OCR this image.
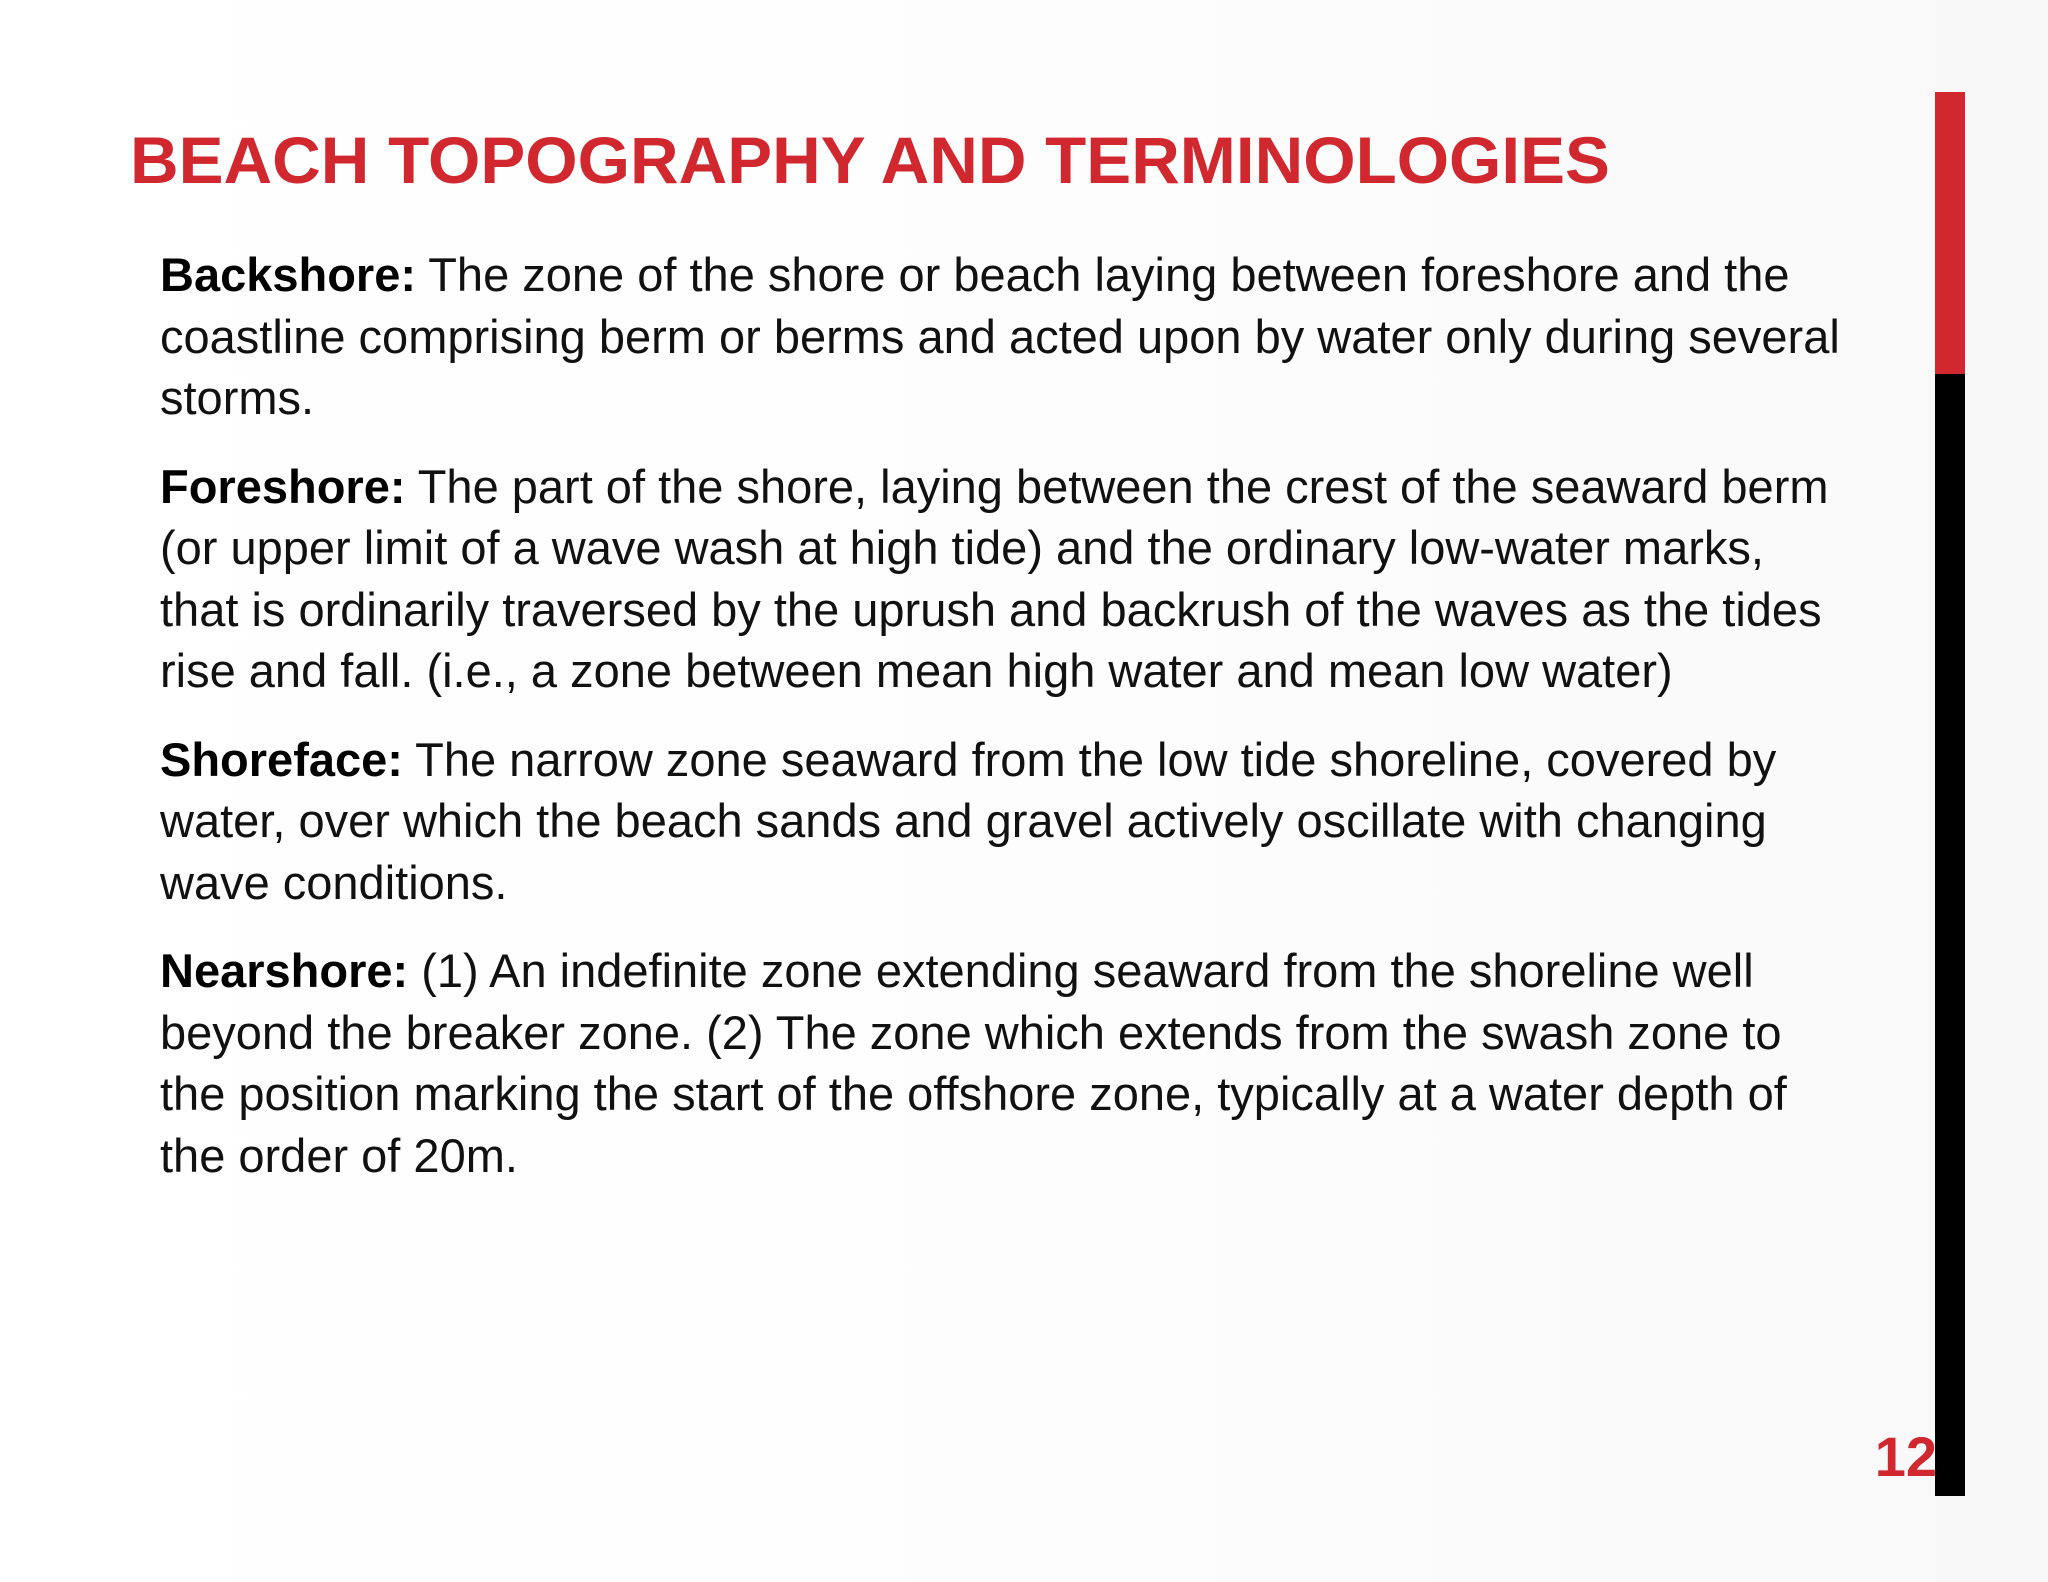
BEACH TOPOGRAPHY AND TERMINOLOGIES

Backshore: The zone of the shore or beach laying between foreshore and the coastline comprising berm or berms and acted upon by water only during several storms.

Foreshore: The part of the shore, laying between the crest of the seaward berm (or upper limit of a wave wash at high tide) and the ordinary low-water marks, that is ordinarily traversed by the uprush and backrush of the waves as the tides rise and fall. (i.e., a zone between mean high water and mean low water)

Shoreface: The narrow zone seaward from the low tide shoreline, covered by water, over which the beach sands and gravel actively oscillate with changing wave conditions.

Nearshore: (1) An indefinite zone extending seaward from the shoreline well beyond the breaker zone. (2) The zone which extends from the swash zone to the position marking the start of the offshore zone, typically at a water depth of the order of 20m.

12
